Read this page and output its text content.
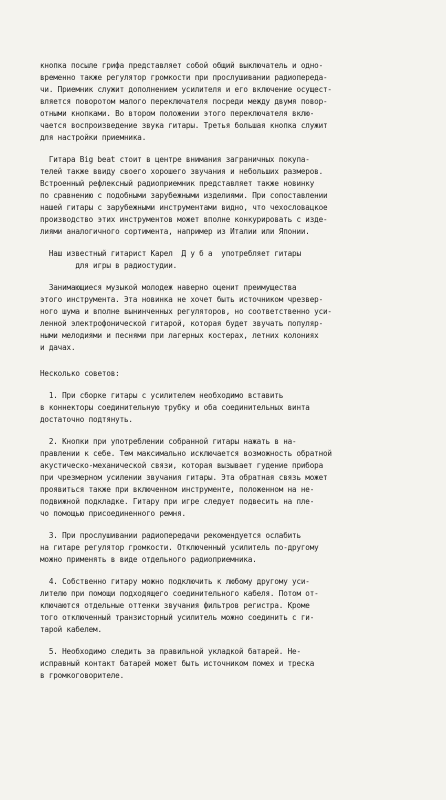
кнопка посыле грифа представляет собой общий выключатель и одно-
временно также регулятор громкости при прослушивании радиопереда-
чи. Приемник служит дополнением усилителя и его включение осущест-
вляется поворотом малого переключателя посреди между двумя повор-
отными кнопками. Во втором положении этого переключателя вклю-
чается воспроизведение звука гитары. Третья большая кнопка служит
для настройки приемника.
Гитара Big beat стоит в центре внимания заграничных покупа-
телей также ввиду своего хорошего звучания и небольших размеров.
Встроенный рефлексный радиоприемник представляет также новинку
по сравнению с подобными зарубежными изделиями. При сопоставлении
нашей гитары с зарубежными инструментами видно, что чехословацкое
производство этих инструментов может вполне конкурировать с изде-
лиями аналогичного сортимента, например из Италии или Японии.
Наш известный гитарист Карел  Д у б а  употребляет гитары
для игры в радиостудии.
Занимающиеся музыкой молодеж наверно оценит преимущества
этого инструмента. Эта новинка не хочет быть источником чрезвер-
ного шума и вполне вынинченных регуляторов, но соответственно уси-
ленной электрофонической гитарой, которая будет звучать популяр-
ными мелодиями и песнями при лагерных костерах, летних колониях
и дачах.
Несколько советов:
1. При сборке гитары с усилителем необходимо вставить
в коннекторы соединительную трубку и оба соединительных винта
достаточно подтянуть.
2. Кнопки при употреблении собранной гитары нажать в на-
правлении к себе. Тем максимально исключается возможность обратной
акустическо-механической связи, которая вызывает гудение прибора
при чрезмерном усилении звучания гитары. Эта обратная связь может
проявиться также при включенном инструменте, положенном на не-
подвижной подкладке. Гитару при игре следует подвесить на пле-
чо помощью присоединенного ремня.
3. При прослушивании радиопередачи рекомендуется ослабить
на гитаре регулятор громкости. Отключенный усилитель по-другому
можно применять в виде отдельного радиоприемника.
4. Собственно гитару можно подключить к любому другому уси-
лителю при помощи подходящего соединительного кабеля. Потом от-
ключаются отдельные оттенки звучания фильтров регистра. Кроме
того отключенный транзисторный усилитель можно соединить с ги-
тарой кабелем.
5. Необходимо следить за правильной укладкой батарей. Не-
исправный контакт батарей может быть источником помех и треска
в громкоговорителе.
